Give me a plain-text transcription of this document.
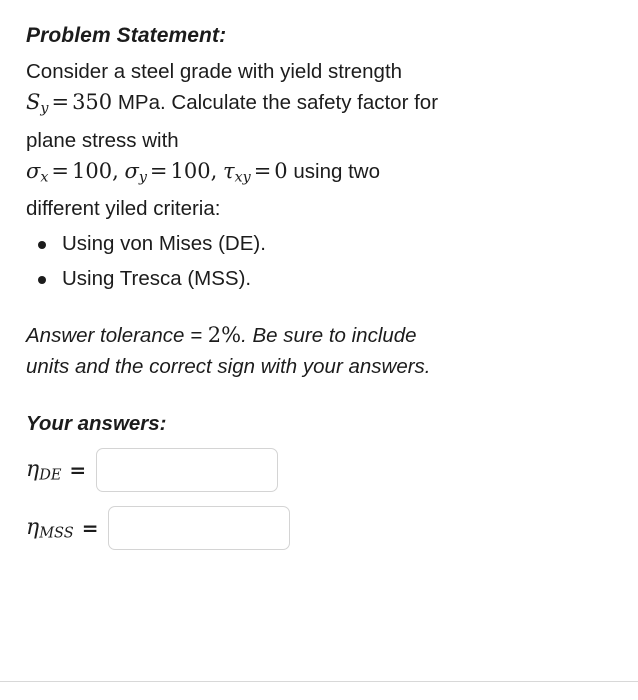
Problem Statement:

Consider a steel grade with yield strength
$S_y = 350$ MPa. Calculate the safety factor for
plane stress with
$\sigma_x = 100$, $\sigma_y = 100$, $\tau_{xy} = 0$ using two
different yiled criteria:

Using von Mises (DE).
Using Tresca (MSS).

Answer tolerance = 2%. Be sure to include
units and the correct sign with your answers.

Your answers:

$\eta_{DE}$ =
$\eta_{MSS}$ =
